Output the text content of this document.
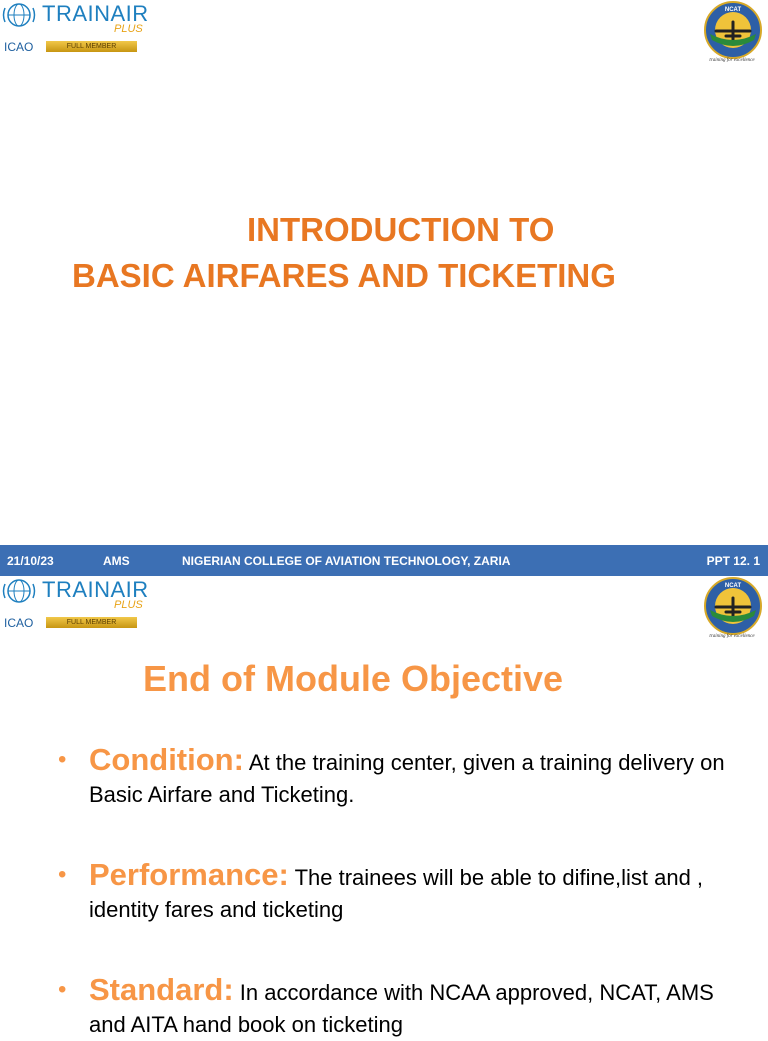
TRAINAIR
PLUS
ICAO	FULL MEMBER
NCAT
training for excellence
INTRODUCTION TO
BASIC AIRFARES AND TICKETING
21/10/23	AMS	NIGERIAN COLLEGE OF AVIATION TECHNOLOGY, ZARIA	PPT 12. 1
TRAINAIR
PLUS
ICAO	FULL MEMBER
NCAT
training for excellence
End of Module Objective
• Condition: At the training center, given a training delivery on Basic Airfare and Ticketing.
• Performance: The trainees will be able to difine,list and , identity fares and ticketing
• Standard: In accordance with NCAA approved, NCAT, AMS and AITA hand book on ticketing
